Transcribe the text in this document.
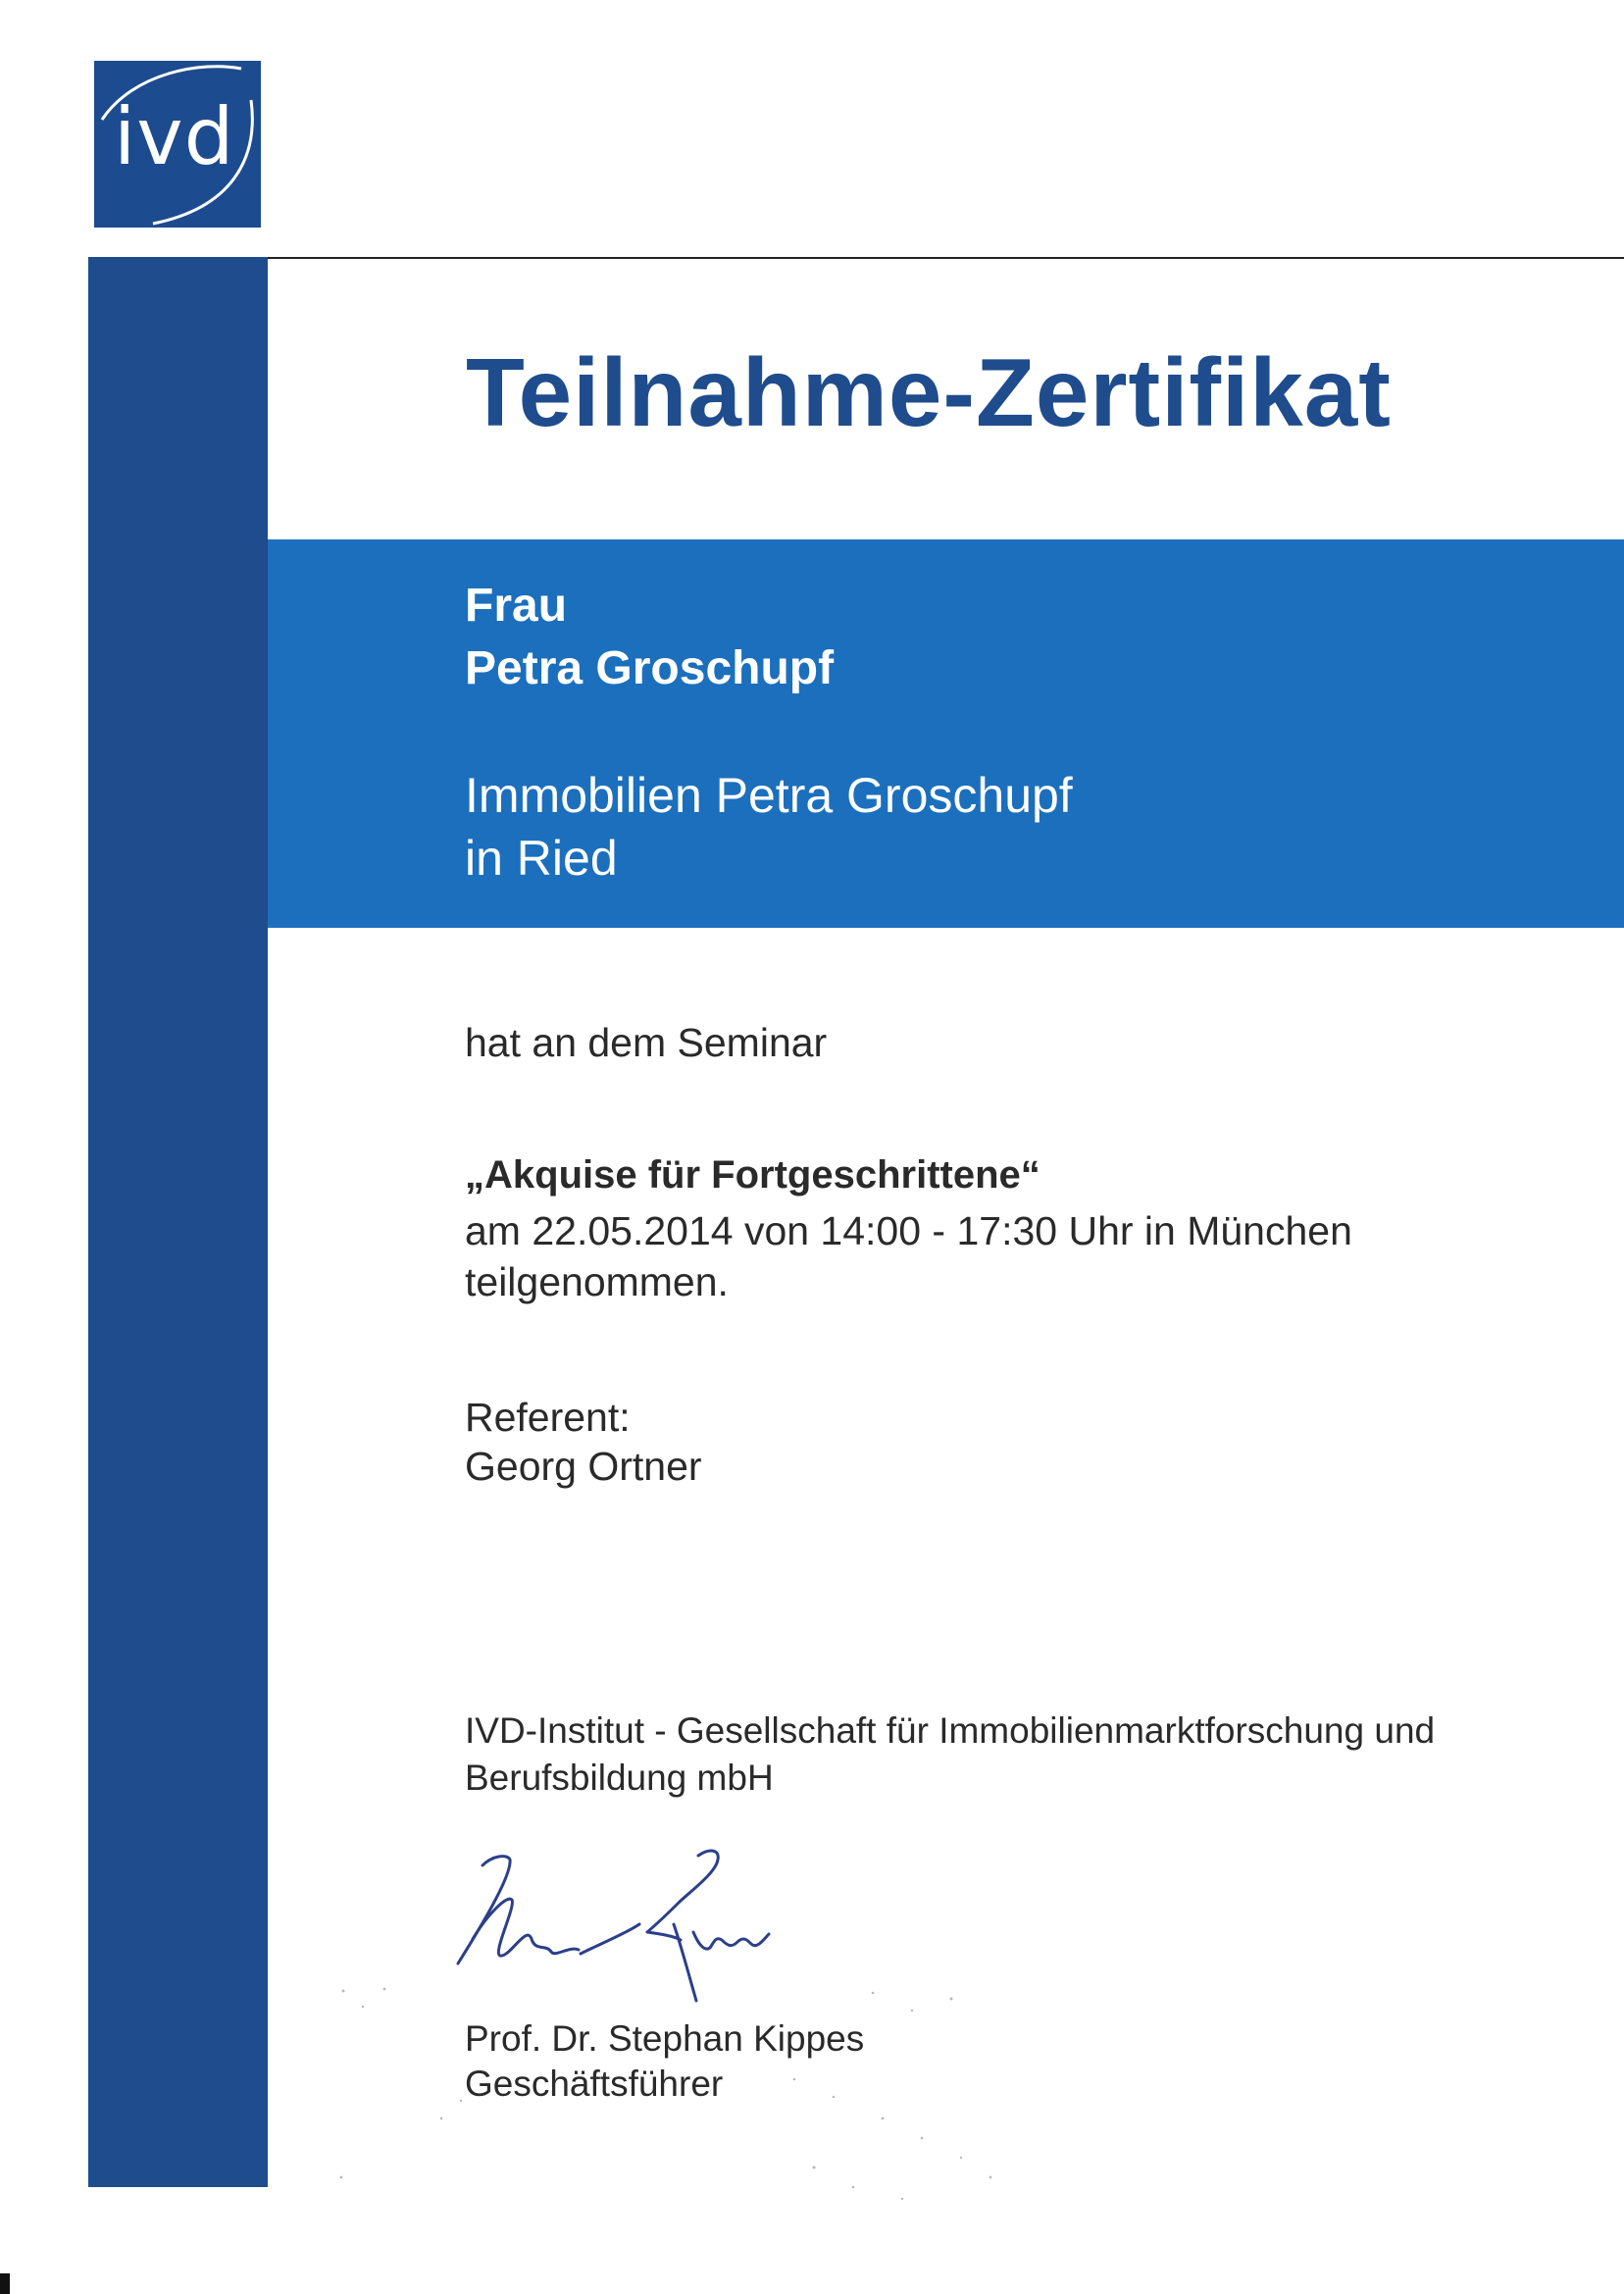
ivd
Teilnahme-Zertifikat
Frau
Petra Groschupf
Immobilien Petra Groschupf
in Ried
hat an dem Seminar
„Akquise für Fortgeschrittene“
am 22.05.2014 von 14:00 - 17:30 Uhr in München
teilgenommen.
Referent:
Georg Ortner
IVD-Institut - Gesellschaft für Immobilienmarktforschung und
Berufsbildung mbH
Prof. Dr. Stephan Kippes
Geschäftsführer
